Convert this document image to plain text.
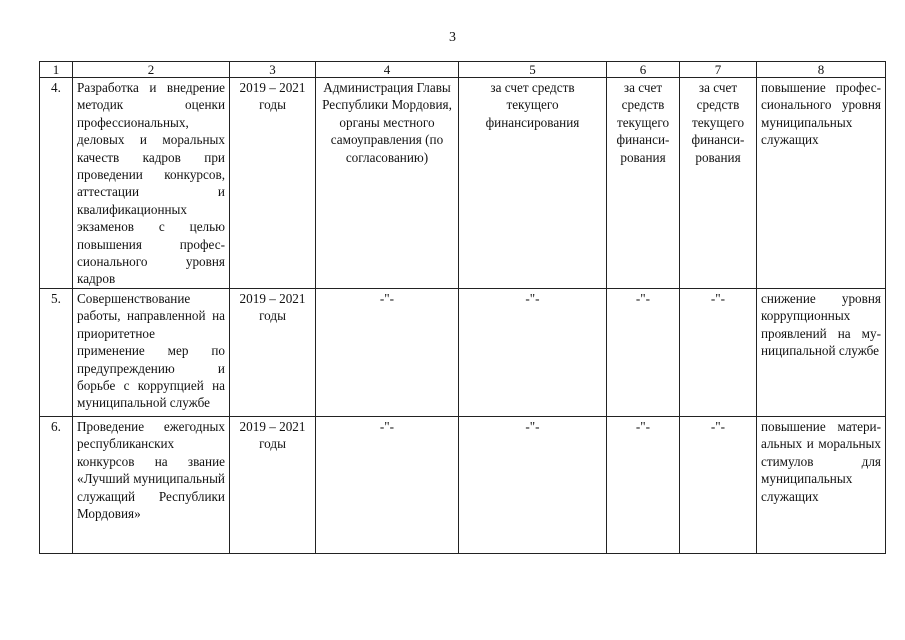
3
1	2	3	4	5	6	7	8
4.	Разработка и внедрение методик оценки профессиональных, деловых и моральных качеств кадров при проведении конкурсов, аттестации и квалификационных экзаменов с целью повышения профессионального уровня кадров	2019 – 2021 годы	Администрация Главы Республики Мордовия, органы местного самоуправления (по согласованию)	за счет средств текущего финансирования	за счет средств текущего финансирования	за счет средств текущего финансирования	повышение профессионального уровня муниципальных служащих
5.	Совершенствование работы, направленной на приоритетное применение мер по предупреждению и борьбе с коррупцией на муниципальной службе	2019 – 2021 годы	-"-	-"-	-"-	-"-	снижение уровня коррупционных проявлений на муниципальной службе
6.	Проведение ежегодных республиканских конкурсов на звание «Лучший муниципальный служащий Республики Мордовия»	2019 – 2021 годы	-"-	-"-	-"-	-"-	повышение материальных и моральных стимулов для муниципальных служащих
